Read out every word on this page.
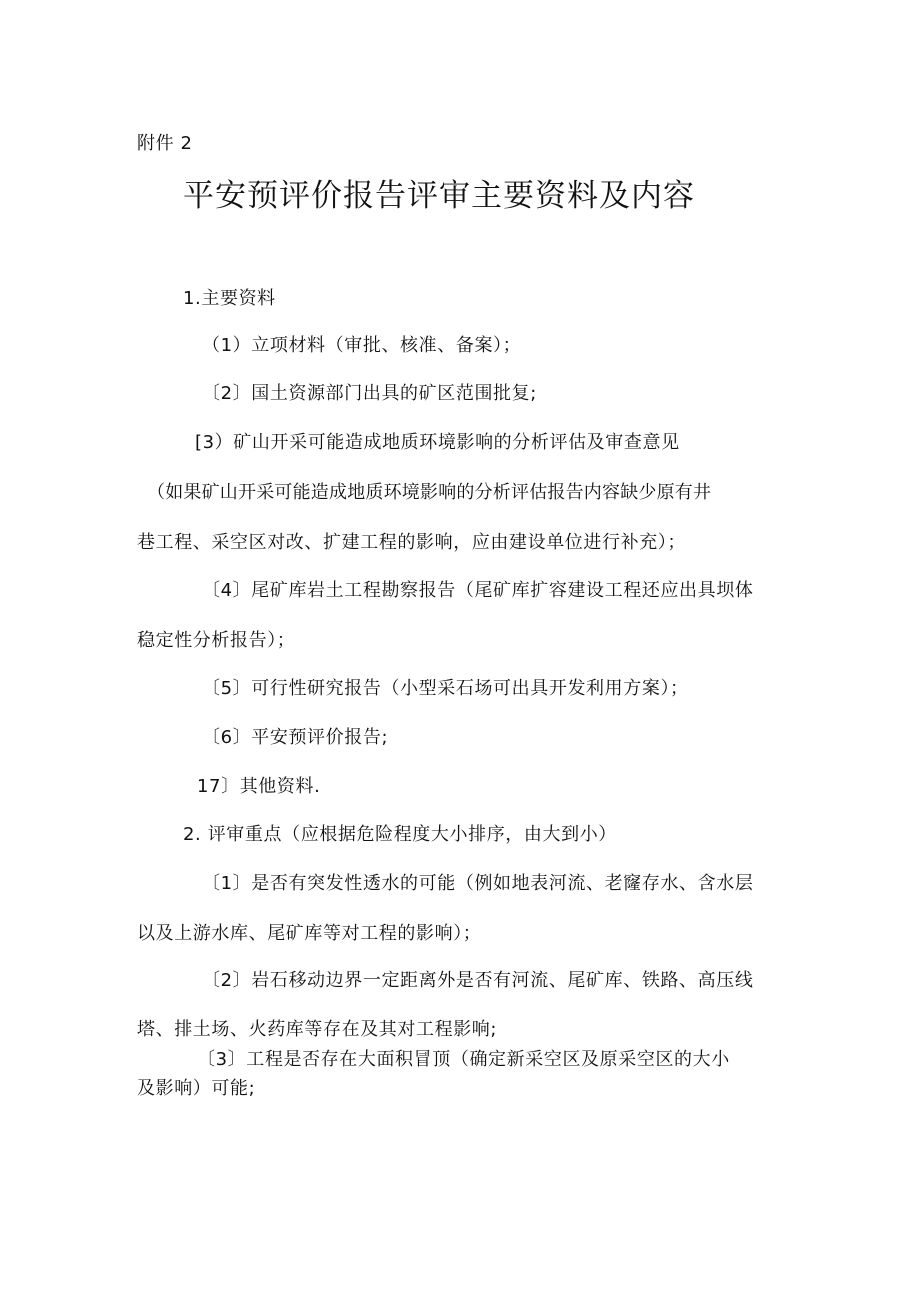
附件 2
平安预评价报告评审主要资料及内容
1.主要资料
（1）立项材料（审批、核准、备案）；
〔2〕国土资源部门出具的矿区范围批复;
[3）矿山开采可能造成地质环境影响的分析评估及审查意见
（如果矿山开采可能造成地质环境影响的分析评估报告内容缺少原有井
巷工程、采空区对改、扩建工程的影响，应由建设单位进行补充）；
〔4〕尾矿库岩土工程勘察报告（尾矿库扩容建设工程还应出具坝体
稳定性分析报告）；
〔5〕可行性研究报告（小型采石场可出具开发利用方案）；
〔6〕平安预评价报告;
17〕其他资料.
2. 评审重点（应根据危险程度大小排序，由大到小）
〔1〕是否有突发性透水的可能（例如地表河流、老窿存水、含水层
以及上游水库、尾矿库等对工程的影响）；
〔2〕岩石移动边界一定距离外是否有河流、尾矿库、铁路、高压线
塔、排土场、火药库等存在及其对工程影响;
〔3〕工程是否存在大面积冒顶（确定新采空区及原采空区的大小
及影响）可能;
